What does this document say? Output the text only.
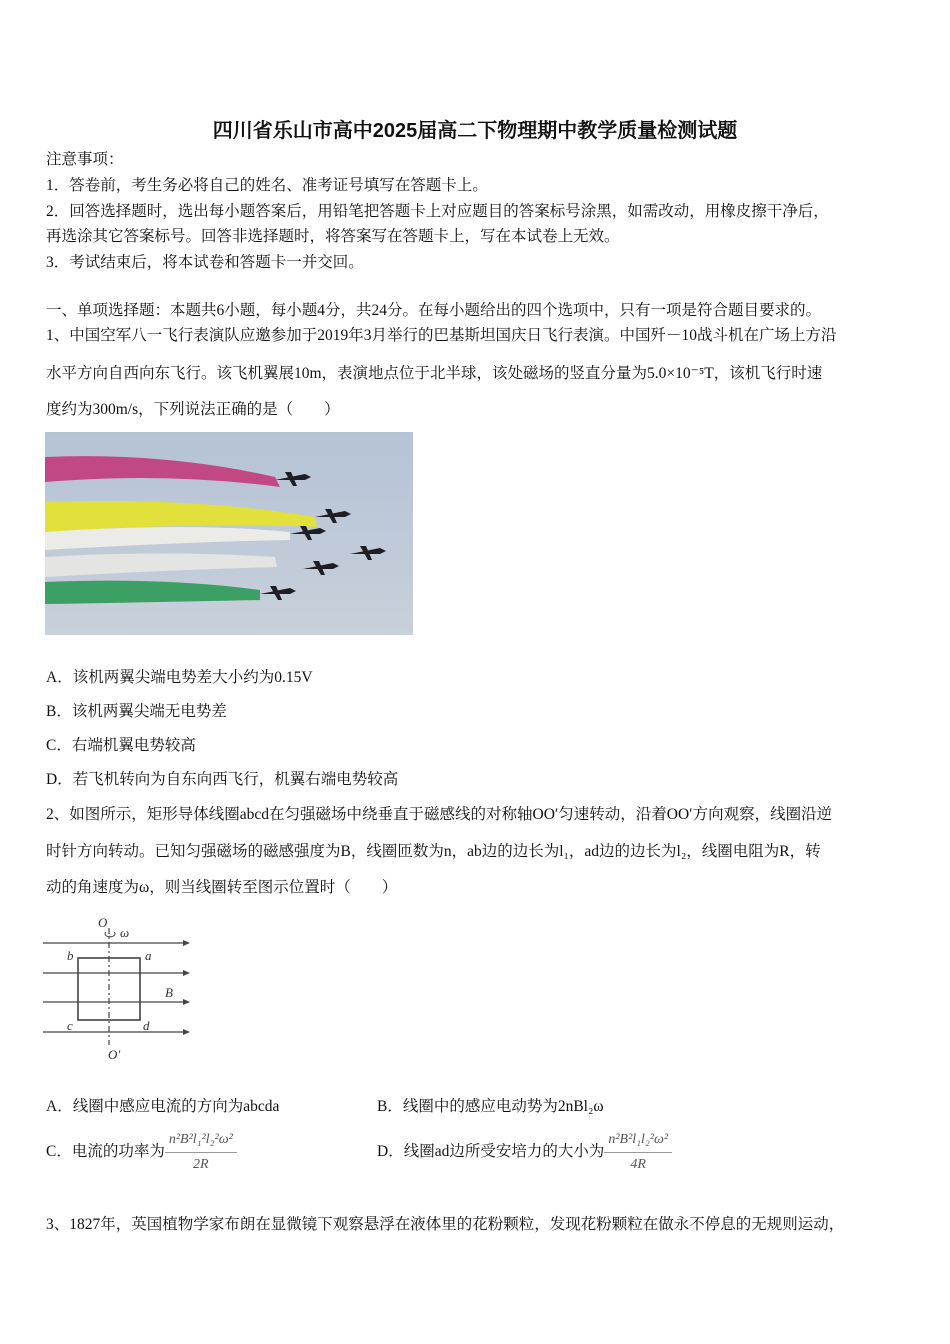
四川省乐山市高中2025届高二下物理期中教学质量检测试题
注意事项：
1．答卷前，考生务必将自己的姓名、准考证号填写在答题卡上。
2．回答选择题时，选出每小题答案后，用铅笔把答题卡上对应题目的答案标号涂黑，如需改动，用橡皮擦干净后，
再选涂其它答案标号。回答非选择题时，将答案写在答题卡上，写在本试卷上无效。
3．考试结束后，将本试卷和答题卡一并交回。
一、单项选择题：本题共6小题，每小题4分，共24分。在每小题给出的四个选项中，只有一项是符合题目要求的。
1、中国空军八一飞行表演队应邀参加于2019年3月举行的巴基斯坦国庆日飞行表演。中国歼－10战斗机在广场上方沿
水平方向自西向东飞行。该飞机翼展10m，表演地点位于北半球，该处磁场的竖直分量为5.0×10⁻⁵T，该机飞行时速
度约为300m/s，下列说法正确的是（　　）
A．该机两翼尖端电势差大小约为0.15V
B．该机两翼尖端无电势差
C．右端机翼电势较高
D．若飞机转向为自东向西飞行，机翼右端电势较高
2、如图所示，矩形导体线圈abcd在匀强磁场中绕垂直于磁感线的对称轴OO′匀速转动，沿着OO′方向观察，线圈沿逆
时针方向转动。已知匀强磁场的磁感强度为B，线圈匝数为n，ab边的边长为l₁，ad边的边长为l₂，线圈电阻为R，转
动的角速度为ω，则当线圈转至图示位置时（　　）
O
ω
b	a
B
c	d
O′
A．线圈中感应电流的方向为abcda	B．线圈中的感应电动势为2nBl₂ω
C．电流的功率为 $\frac{\text{n²B²l₁²l₂²ω²}}{2R}$	D．线圈ad边所受安培力的大小为 $\frac{\text{n²B²l₁l₂²ω²}}{4R}$
3、1827年，英国植物学家布朗在显微镜下观察悬浮在液体里的花粉颗粒，发现花粉颗粒在做永不停息的无规则运动，
